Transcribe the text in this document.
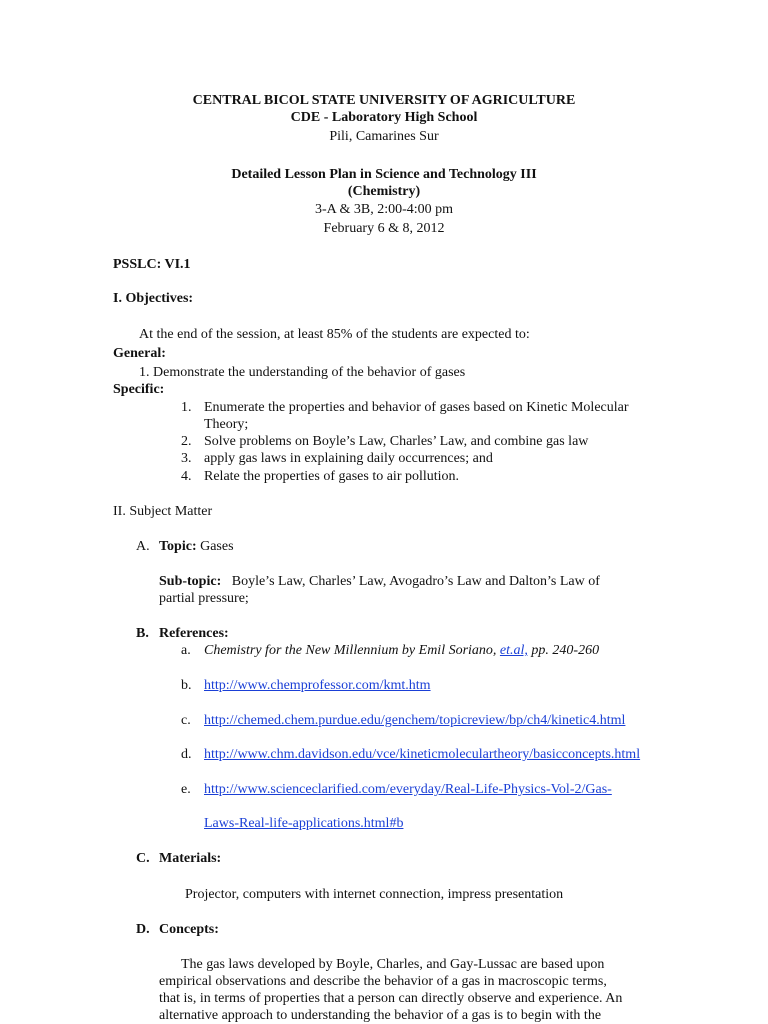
CENTRAL BICOL STATE UNIVERSITY OF AGRICULTURE
CDE - Laboratory High School
Pili, Camarines Sur
Detailed Lesson Plan in Science and Technology III
(Chemistry)
3-A & 3B, 2:00-4:00 pm
February 6 & 8, 2012
PSSLC: VI.1
I. Objectives:
At the end of the session, at least 85% of the students are expected to:
General:
1. Demonstrate the understanding of the behavior of gases
Specific:
1. Enumerate the properties and behavior of gases based on Kinetic Molecular
Theory;
2. Solve problems on Boyle’s Law, Charles’ Law, and combine gas law
3. apply gas laws in explaining daily occurrences; and
4. Relate the properties of gases to air pollution.
II. Subject Matter
A. Topic: Gases
Sub-topic: Boyle’s Law, Charles’ Law, Avogadro’s Law and Dalton’s Law of
partial pressure;
B. References:
a. Chemistry for the New Millennium by Emil Soriano, et.al, pp. 240-260
b. http://www.chemprofessor.com/kmt.htm
c. http://chemed.chem.purdue.edu/genchem/topicreview/bp/ch4/kinetic4.html
d. http://www.chm.davidson.edu/vce/kineticmoleculartheory/basicconcepts.html
e. http://www.scienceclarified.com/everyday/Real-Life-Physics-Vol-2/Gas-
Laws-Real-life-applications.html#b
C. Materials:
Projector, computers with internet connection, impress presentation
D. Concepts:
The gas laws developed by Boyle, Charles, and Gay-Lussac are based upon
empirical observations and describe the behavior of a gas in macroscopic terms,
that is, in terms of properties that a person can directly observe and experience. An
alternative approach to understanding the behavior of a gas is to begin with the
